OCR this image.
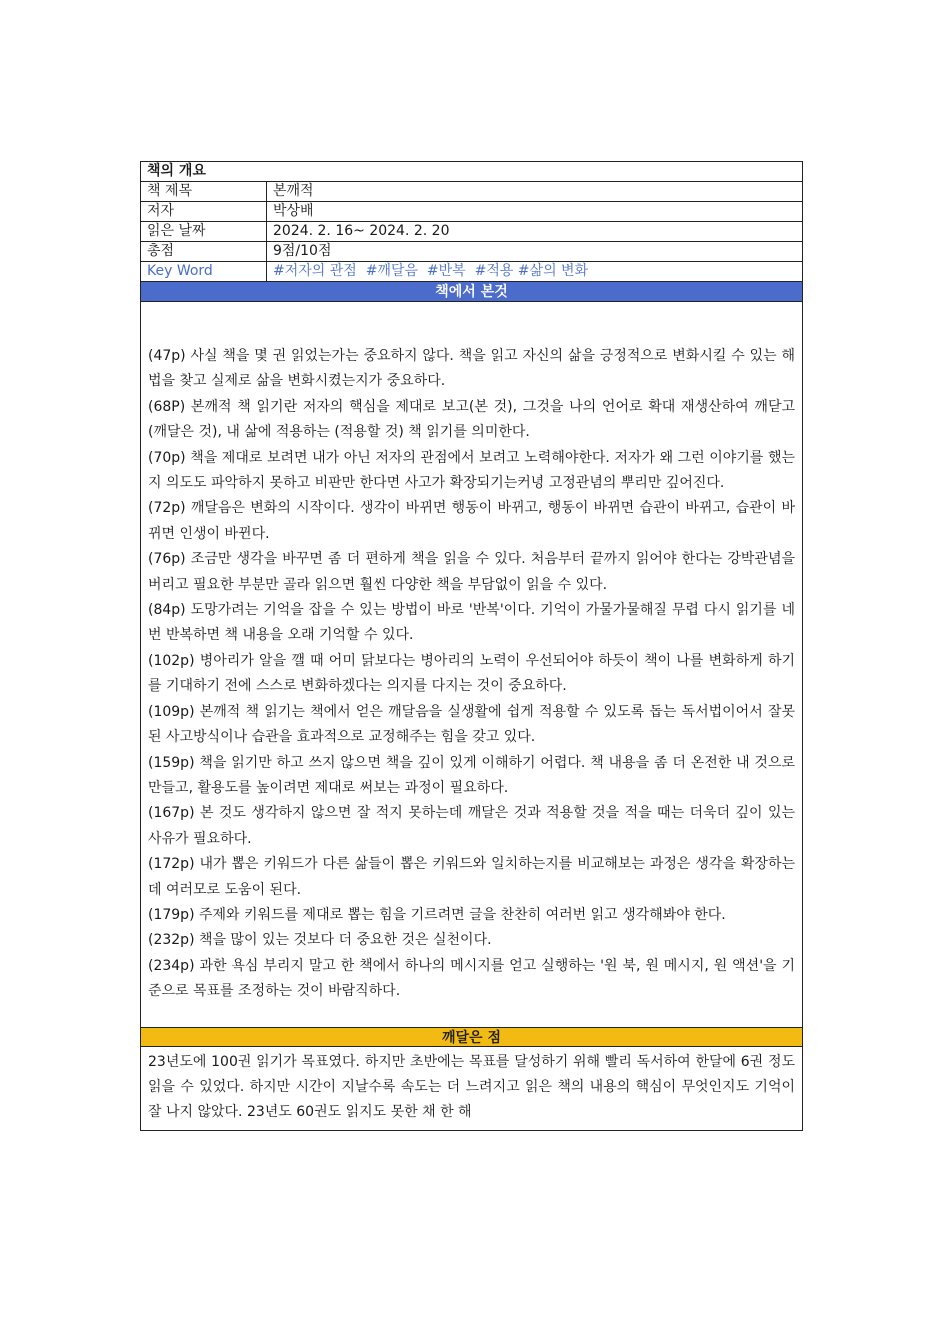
책의 개요
책 제목	본깨적
저자	박상배
읽은 날짜	2024. 2. 16~ 2024. 2. 20
총점	9점/10점
Key Word	#저자의 관점  #깨달음  #반복  #적용 #삶의 변화
책에서 본것

(47p) 사실 책을 몇 권 읽었는가는 중요하지 않다. 책을 읽고 자신의 삶을 긍정적으로 변화시킬 수 있는 해법을 찾고 실제로 삶을 변화시켰는지가 중요하다.

(68P) 본깨적 책 읽기란 저자의 핵심을 제대로 보고(본 것), 그것을 나의 언어로 확대 재생산하여 깨닫고(깨달은 것), 내 삶에 적용하는 (적용할 것) 책 읽기를 의미한다.

(70p) 책을 제대로 보려면 내가 아닌 저자의 관점에서 보려고 노력해야한다. 저자가 왜 그런 이야기를 했는지 의도도 파악하지 못하고 비판만 한다면 사고가 확장되기는커녕 고정관념의 뿌리만 깊어진다.

(72p) 깨달음은 변화의 시작이다. 생각이 바뀌면 행동이 바뀌고, 행동이 바뀌면 습관이 바뀌고, 습관이 바뀌면 인생이 바뀐다.

(76p) 조금만 생각을 바꾸면 좀 더 편하게 책을 읽을 수 있다. 처음부터 끝까지 읽어야 한다는 강박관념을 버리고 필요한 부분만 골라 읽으면 훨씬 다양한 책을 부담없이 읽을 수 있다.

(84p) 도망가려는 기억을 잡을 수 있는 방법이 바로 '반복'이다. 기억이 가물가물해질 무렵 다시 읽기를 네 번 반복하면 책 내용을 오래 기억할 수 있다.

(102p) 병아리가 알을 깰 때 어미 닭보다는 병아리의 노력이 우선되어야 하듯이 책이 나를 변화하게 하기를 기대하기 전에 스스로 변화하겠다는 의지를 다지는 것이 중요하다.

(109p) 본깨적 책 읽기는 책에서 얻은 깨달음을 실생활에 쉽게 적용할 수 있도록 돕는 독서법이어서 잘못된 사고방식이나 습관을 효과적으로 교정해주는 힘을 갖고 있다.

(159p) 책을 읽기만 하고 쓰지 않으면 책을 깊이 있게 이해하기 어렵다. 책 내용을 좀 더 온전한 내 것으로 만들고, 활용도를 높이려면 제대로 써보는 과정이 필요하다.

(167p) 본 것도 생각하지 않으면 잘 적지 못하는데 깨달은 것과 적용할 것을 적을 때는 더욱더 깊이 있는 사유가 필요하다.

(172p) 내가 뽑은 키워드가 다른 삶들이 뽑은 키워드와 일치하는지를 비교해보는 과정은 생각을 확장하는데 여러모로 도움이 된다.

(179p) 주제와 키워드를 제대로 뽑는 힘을 기르려면 글을 찬찬히 여러번 읽고 생각해봐야 한다.

(232p) 책을 많이 있는 것보다 더 중요한 것은 실천이다.

(234p) 과한 욕심 부리지 말고 한 책에서 하나의 메시지를 얻고 실행하는 '원 북, 원 메시지, 원 액션'을 기준으로 목표를 조정하는 것이 바람직하다.

깨달은 점

23년도에 100권 읽기가 목표였다. 하지만 초반에는 목표를 달성하기 위해 빨리 독서하여 한달에 6권 정도 읽을 수 있었다. 하지만 시간이 지날수록 속도는 더 느려지고 읽은 책의 내용의 핵심이 무엇인지도 기억이 잘 나지 않았다. 23년도 60권도 읽지도 못한 채 한 해
